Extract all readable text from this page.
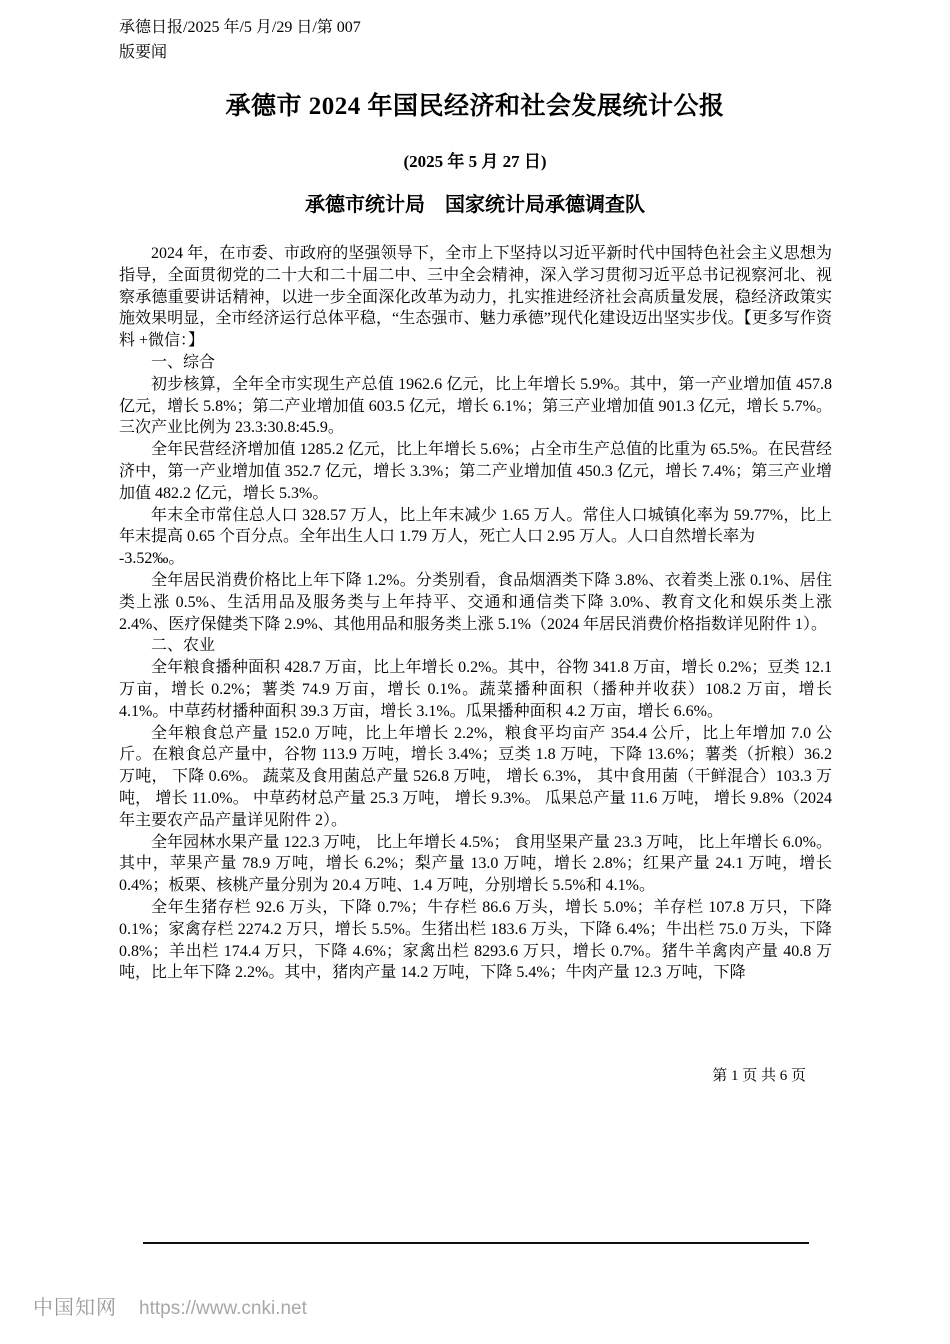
承德日报/2025 年/5 月/29 日/第 007
版要闻
承德市 2024 年国民经济和社会发展统计公报
(2025 年 5 月 27 日)
承德市统计局　国家统计局承德调查队

2024 年，在市委、市政府的坚强领导下，全市上下坚持以习近平新时代中国特色社会主义思想为指导，全面贯彻党的二十大和二十届二中、三中全会精神，深入学习贯彻习近平总书记视察河北、视察承德重要讲话精神，以进一步全面深化改革为动力，扎实推进经济社会高质量发展，稳经济政策实施效果明显，全市经济运行总体平稳，“生态强市、魅力承德”现代化建设迈出坚实步伐。【更多写作资料 +微信：】

一、综合

初步核算，全年全市实现生产总值 1962.6 亿元，比上年增长 5.9%。其中，第一产业增加值 457.8 亿元，增长 5.8%；第二产业增加值 603.5 亿元，增长 6.1%；第三产业增加值 901.3 亿元，增长 5.7%。三次产业比例为 23.3:30.8:45.9。

全年民营经济增加值 1285.2 亿元，比上年增长 5.6%；占全市生产总值的比重为 65.5%。在民营经济中，第一产业增加值 352.7 亿元，增长 3.3%；第二产业增加值 450.3 亿元，增长 7.4%；第三产业增加值 482.2 亿元，增长 5.3%。

年末全市常住总人口 328.57 万人，比上年末减少 1.65 万人。常住人口城镇化率为 59.77%，比上年末提高 0.65 个百分点。全年出生人口 1.79 万人，死亡人口 2.95 万人。人口自然增长率为
-3.52‰。

全年居民消费价格比上年下降 1.2%。分类别看，食品烟酒类下降 3.8%、衣着类上涨 0.1%、居住类上涨 0.5%、生活用品及服务类与上年持平、交通和通信类下降 3.0%、教育文化和娱乐类上涨 2.4%、医疗保健类下降 2.9%、其他用品和服务类上涨 5.1%（2024 年居民消费价格指数详见附件 1）。

二、农业

全年粮食播种面积 428.7 万亩，比上年增长 0.2%。其中，谷物 341.8 万亩，增长 0.2%；豆类 12.1 万亩，增长 0.2%；薯类 74.9 万亩，增长 0.1%。蔬菜播种面积（播种并收获）108.2 万亩，增长 4.1%。中草药材播种面积 39.3 万亩，增长 3.1%。瓜果播种面积 4.2 万亩，增长 6.6%。

全年粮食总产量 152.0 万吨，比上年增长 2.2%，粮食平均亩产 354.4 公斤，比上年增加 7.0 公斤。在粮食总产量中，谷物 113.9 万吨，增长 3.4%；豆类 1.8 万吨，下降 13.6%；薯类（折粮）36.2 万吨， 下降 0.6%。 蔬菜及食用菌总产量 526.8 万吨， 增长 6.3%， 其中食用菌（干鲜混合）103.3 万吨， 增长 11.0%。 中草药材总产量 25.3 万吨， 增长 9.3%。 瓜果总产量 11.6 万吨， 增长 9.8%（2024 年主要农产品产量详见附件 2）。

全年园林水果产量 122.3 万吨， 比上年增长 4.5%； 食用坚果产量 23.3 万吨， 比上年增长 6.0%。其中，苹果产量 78.9 万吨，增长 6.2%；梨产量 13.0 万吨，增长 2.8%；红果产量 24.1 万吨，增长 0.4%；板栗、核桃产量分别为 20.4 万吨、1.4 万吨，分别增长 5.5%和 4.1%。

全年生猪存栏 92.6 万头，下降 0.7%；牛存栏 86.6 万头，增长 5.0%；羊存栏 107.8 万只，下降 0.1%；家禽存栏 2274.2 万只，增长 5.5%。生猪出栏 183.6 万头，下降 6.4%；牛出栏 75.0 万头，下降 0.8%；羊出栏 174.4 万只，下降 4.6%；家禽出栏 8293.6 万只，增长 0.7%。猪牛羊禽肉产量 40.8 万吨，比上年下降 2.2%。其中，猪肉产量 14.2 万吨，下降 5.4%；牛肉产量 12.3 万吨，下降

第 1 页 共 6 页
中国知网 https://www.cnki.net
